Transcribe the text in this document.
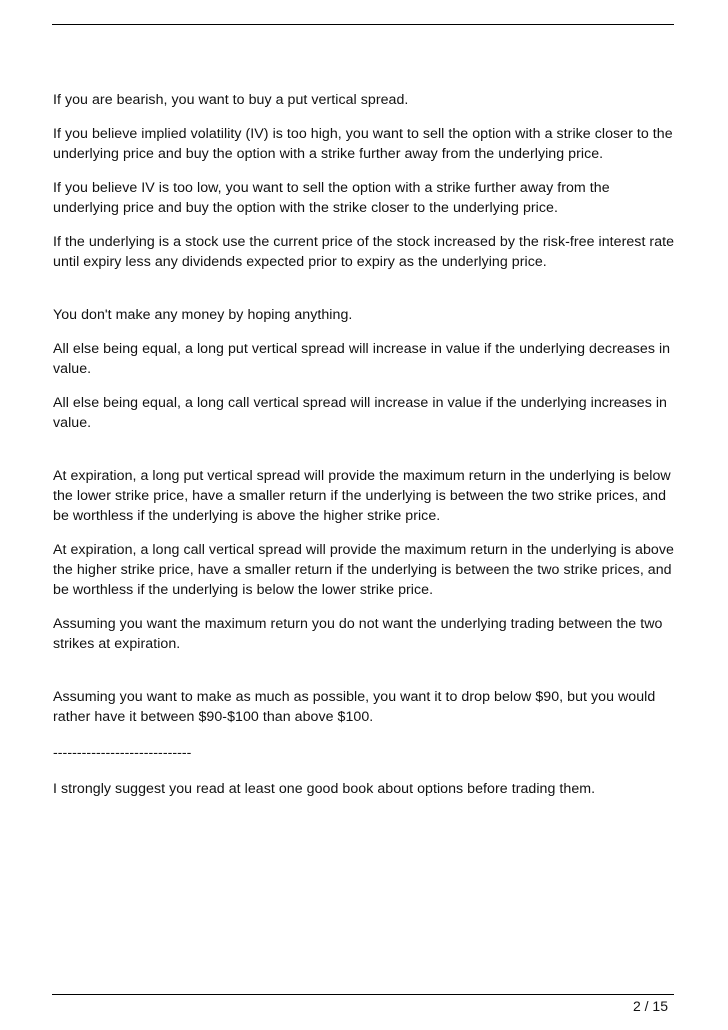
If you are bearish, you want to buy a put vertical spread.

If you believe implied volatility (IV) is too high, you want to sell the option with a strike closer to the underlying price and buy the option with a strike further away from the underlying price.

If you believe IV is too low, you want to sell the option with a strike further away from the underlying price and buy the option with the strike closer to the underlying price.

If the underlying is a stock use the current price of the stock increased by the risk-free interest rate until expiry less any dividends expected prior to expiry as the underlying price.

You don't make any money by hoping anything.

All else being equal, a long put vertical spread will increase in value if the underlying decreases in value.

All else being equal, a long call vertical spread will increase in value if the underlying increases in value.

At expiration, a long put vertical spread will provide the maximum return in the underlying is below the lower strike price, have a smaller return if the underlying is between the two strike prices, and be worthless if the underlying is above the higher strike price.

At expiration, a long call vertical spread will provide the maximum return in the underlying is above the higher strike price, have a smaller return if the underlying is between the two strike prices, and be worthless if the underlying is below the lower strike price.

Assuming you want the maximum return you do not want the underlying trading between the two strikes at expiration.

Assuming you want to make as much as possible, you want it to drop below $90, but you would rather have it between $90-$100 than above $100.

-----------------------------

I strongly suggest you read at least one good book about options before trading them.

2 / 15
